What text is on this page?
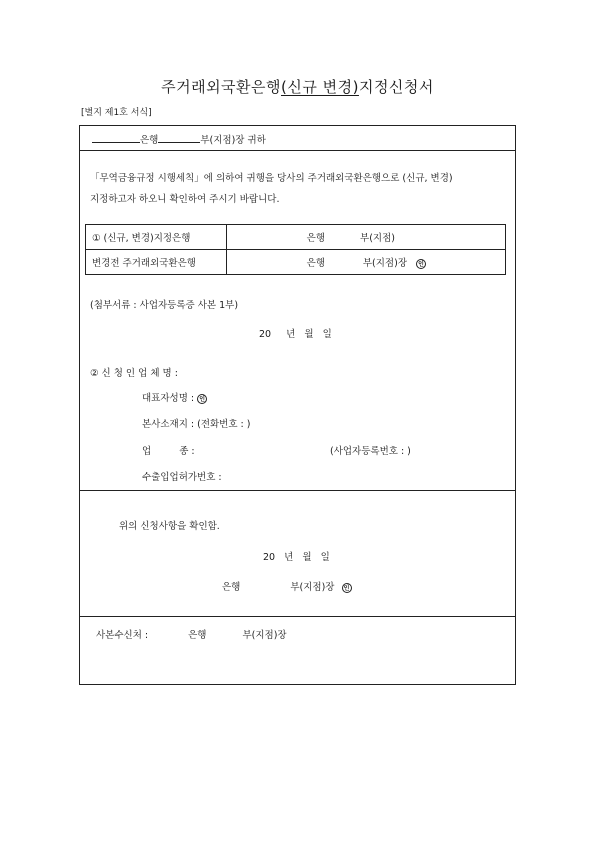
주거래외국환은행(신규 변경)지정신청서
[별지 제1호 서식]
은행	부(지점)장 귀하
「무역금융규정 시행세칙」에 의하여 귀행을 당사의 주거래외국환은행으로 (신규, 변경)
지정하고자 하오니 확인하여 주시기 바랍니다.
① (신규, 변경)지정은행	은행 부(지점)
변경전 주거래외국환은행	은행 부(지점)장 인
(첨부서류 : 사업자등록증 사본 1부)
20 년 월 일
② 신 청 인 업 체 명 :
대표자성명 : 인
본사소재지 : (전화번호 : )
업	종 :	(사업자등록번호 : )
수출입업허가번호 :
위의 신청사항을 확인함.
20 년 월 일
은행	부(지점)장 인
사본수신처 :	은행	부(지점)장
